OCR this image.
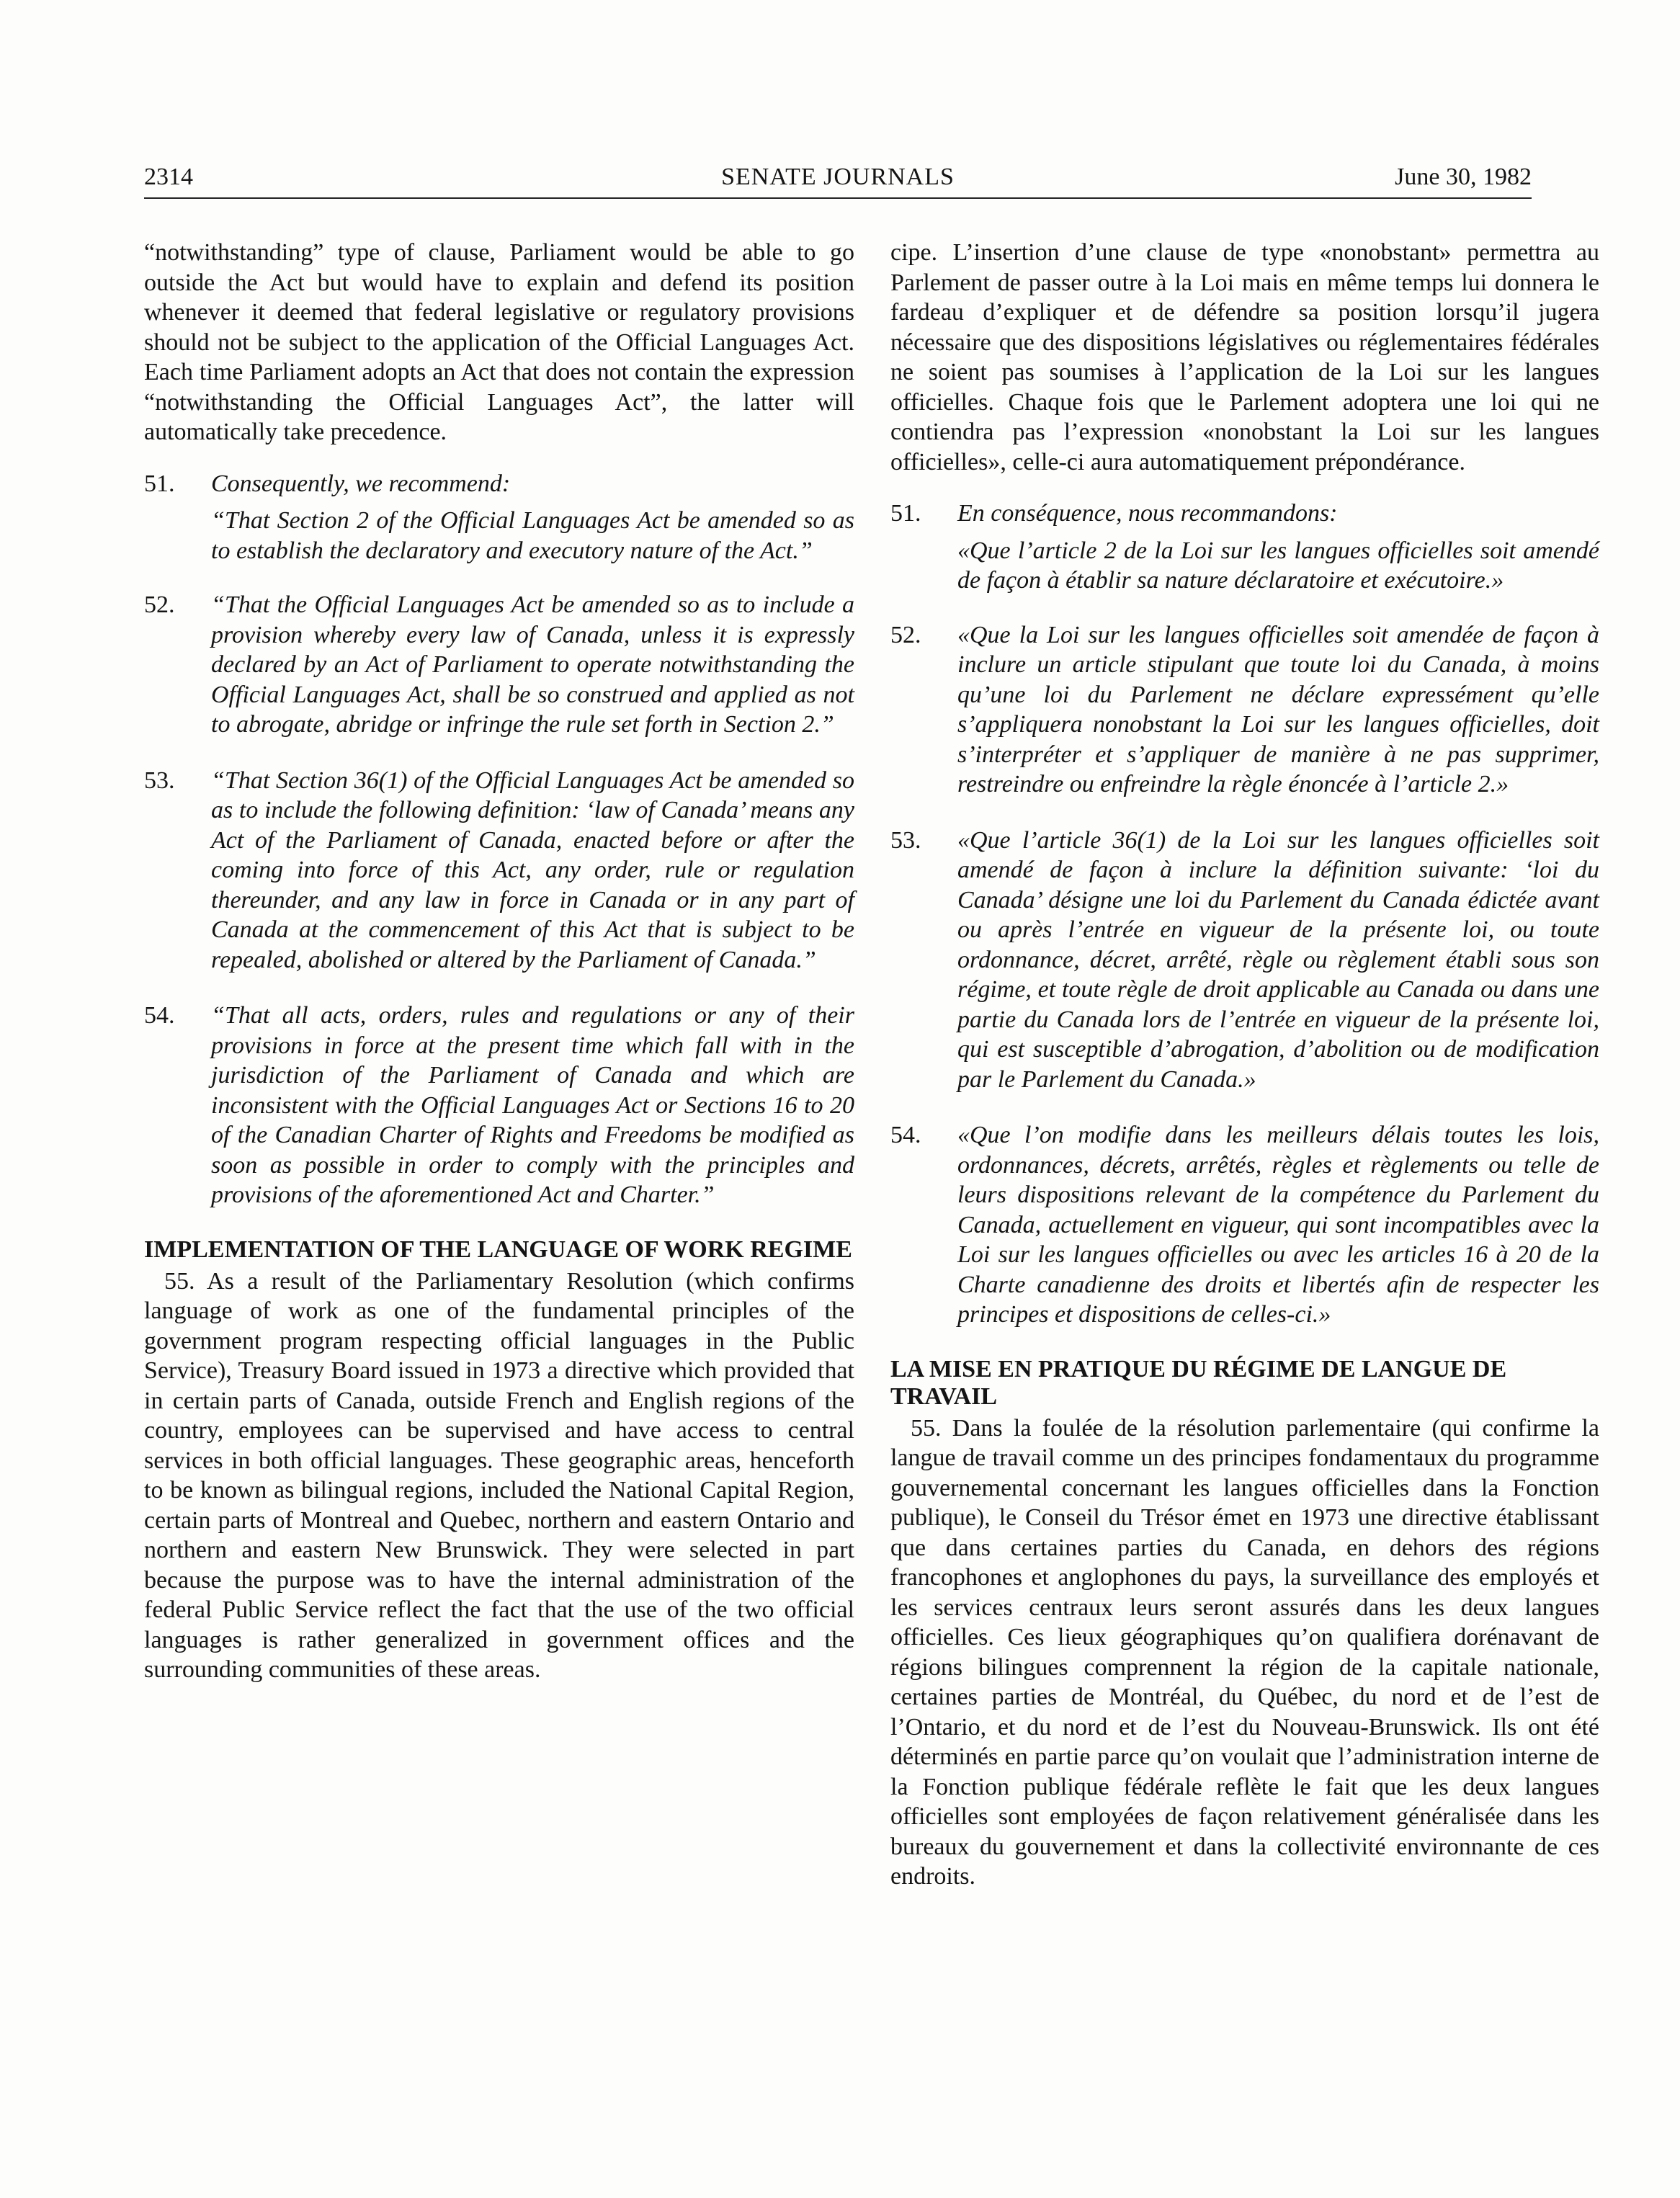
2314	SENATE JOURNALS	June 30, 1982

“notwithstanding” type of clause, Parliament would be able to go outside the Act but would have to explain and defend its position whenever it deemed that federal legislative or regulatory provisions should not be subject to the application of the Official Languages Act. Each time Parliament adopts an Act that does not contain the expression “notwithstanding the Official Languages Act”, the latter will automatically take precedence.

51. Consequently, we recommend:

“That Section 2 of the Official Languages Act be amended so as to establish the declaratory and executory nature of the Act.”

52. “That the Official Languages Act be amended so as to include a provision whereby every law of Canada, unless it is expressly declared by an Act of Parliament to operate notwithstanding the Official Languages Act, shall be so construed and applied as not to abrogate, abridge or infringe the rule set forth in Section 2.”
53. “That Section 36(1) of the Official Languages Act be amended so as to include the following definition: ‘law of Canada’ means any Act of the Parliament of Canada, enacted before or after the coming into force of this Act, any order, rule or regulation thereunder, and any law in force in Canada or in any part of Canada at the commencement of this Act that is subject to be repealed, abolished or altered by the Parliament of Canada.”
54. “That all acts, orders, rules and regulations or any of their provisions in force at the present time which fall with in the jurisdiction of the Parliament of Canada and which are inconsistent with the Official Languages Act or Sections 16 to 20 of the Canadian Charter of Rights and Freedoms be modified as soon as possible in order to comply with the principles and provisions of the aforementioned Act and Charter.”
IMPLEMENTATION OF THE LANGUAGE OF WORK REGIME

55. As a result of the Parliamentary Resolution (which confirms language of work as one of the fundamental principles of the government program respecting official languages in the Public Service), Treasury Board issued in 1973 a directive which provided that in certain parts of Canada, outside French and English regions of the country, employees can be supervised and have access to central services in both official languages. These geographic areas, henceforth to be known as bilingual regions, included the National Capital Region, certain parts of Montreal and Quebec, northern and eastern Ontario and northern and eastern New Brunswick. They were selected in part because the purpose was to have the internal administration of the federal Public Service reflect the fact that the use of the two official languages is rather generalized in government offices and the surrounding communities of these areas.

cipe. L’insertion d’une clause de type «nonobstant» permettra au Parlement de passer outre à la Loi mais en même temps lui donnera le fardeau d’expliquer et de défendre sa position lorsqu’il jugera nécessaire que des dispositions législatives ou réglementaires fédérales ne soient pas soumises à l’application de la Loi sur les langues officielles. Chaque fois que le Parlement adoptera une loi qui ne contiendra pas l’expression «nonobstant la Loi sur les langues officielles», celle-ci aura automatiquement prépondérance.

51. En conséquence, nous recommandons:

«Que l’article 2 de la Loi sur les langues officielles soit amendé de façon à établir sa nature déclaratoire et exécutoire.»

52. «Que la Loi sur les langues officielles soit amendée de façon à inclure un article stipulant que toute loi du Canada, à moins qu’une loi du Parlement ne déclare expressément qu’elle s’appliquera nonobstant la Loi sur les langues officielles, doit s’interpréter et s’appliquer de manière à ne pas supprimer, restreindre ou enfreindre la règle énoncée à l’article 2.»
53. «Que l’article 36(1) de la Loi sur les langues officielles soit amendé de façon à inclure la définition suivante: ‘loi du Canada’ désigne une loi du Parlement du Canada édictée avant ou après l’entrée en vigueur de la présente loi, ou toute ordonnance, décret, arrêté, règle ou règlement établi sous son régime, et toute règle de droit applicable au Canada ou dans une partie du Canada lors de l’entrée en vigueur de la présente loi, qui est susceptible d’abrogation, d’abolition ou de modification par le Parlement du Canada.»
54. «Que l’on modifie dans les meilleurs délais toutes les lois, ordonnances, décrets, arrêtés, règles et règlements ou telle de leurs dispositions relevant de la compétence du Parlement du Canada, actuellement en vigueur, qui sont incompatibles avec la Loi sur les langues officielles ou avec les articles 16 à 20 de la Charte canadienne des droits et libertés afin de respecter les principes et dispositions de celles-ci.»
LA MISE EN PRATIQUE DU RÉGIME DE LANGUE DE TRAVAIL

55. Dans la foulée de la résolution parlementaire (qui confirme la langue de travail comme un des principes fondamentaux du programme gouvernemental concernant les langues officielles dans la Fonction publique), le Conseil du Trésor émet en 1973 une directive établissant que dans certaines parties du Canada, en dehors des régions francophones et anglophones du pays, la surveillance des employés et les services centraux leurs seront assurés dans les deux langues officielles. Ces lieux géographiques qu’on qualifiera dorénavant de régions bilingues comprennent la région de la capitale nationale, certaines parties de Montréal, du Québec, du nord et de l’est de l’Ontario, et du nord et de l’est du Nouveau-Brunswick. Ils ont été déterminés en partie parce qu’on voulait que l’administration interne de la Fonction publique fédérale reflète le fait que les deux langues officielles sont employées de façon relativement généralisée dans les bureaux du gouvernement et dans la collectivité environnante de ces endroits.
